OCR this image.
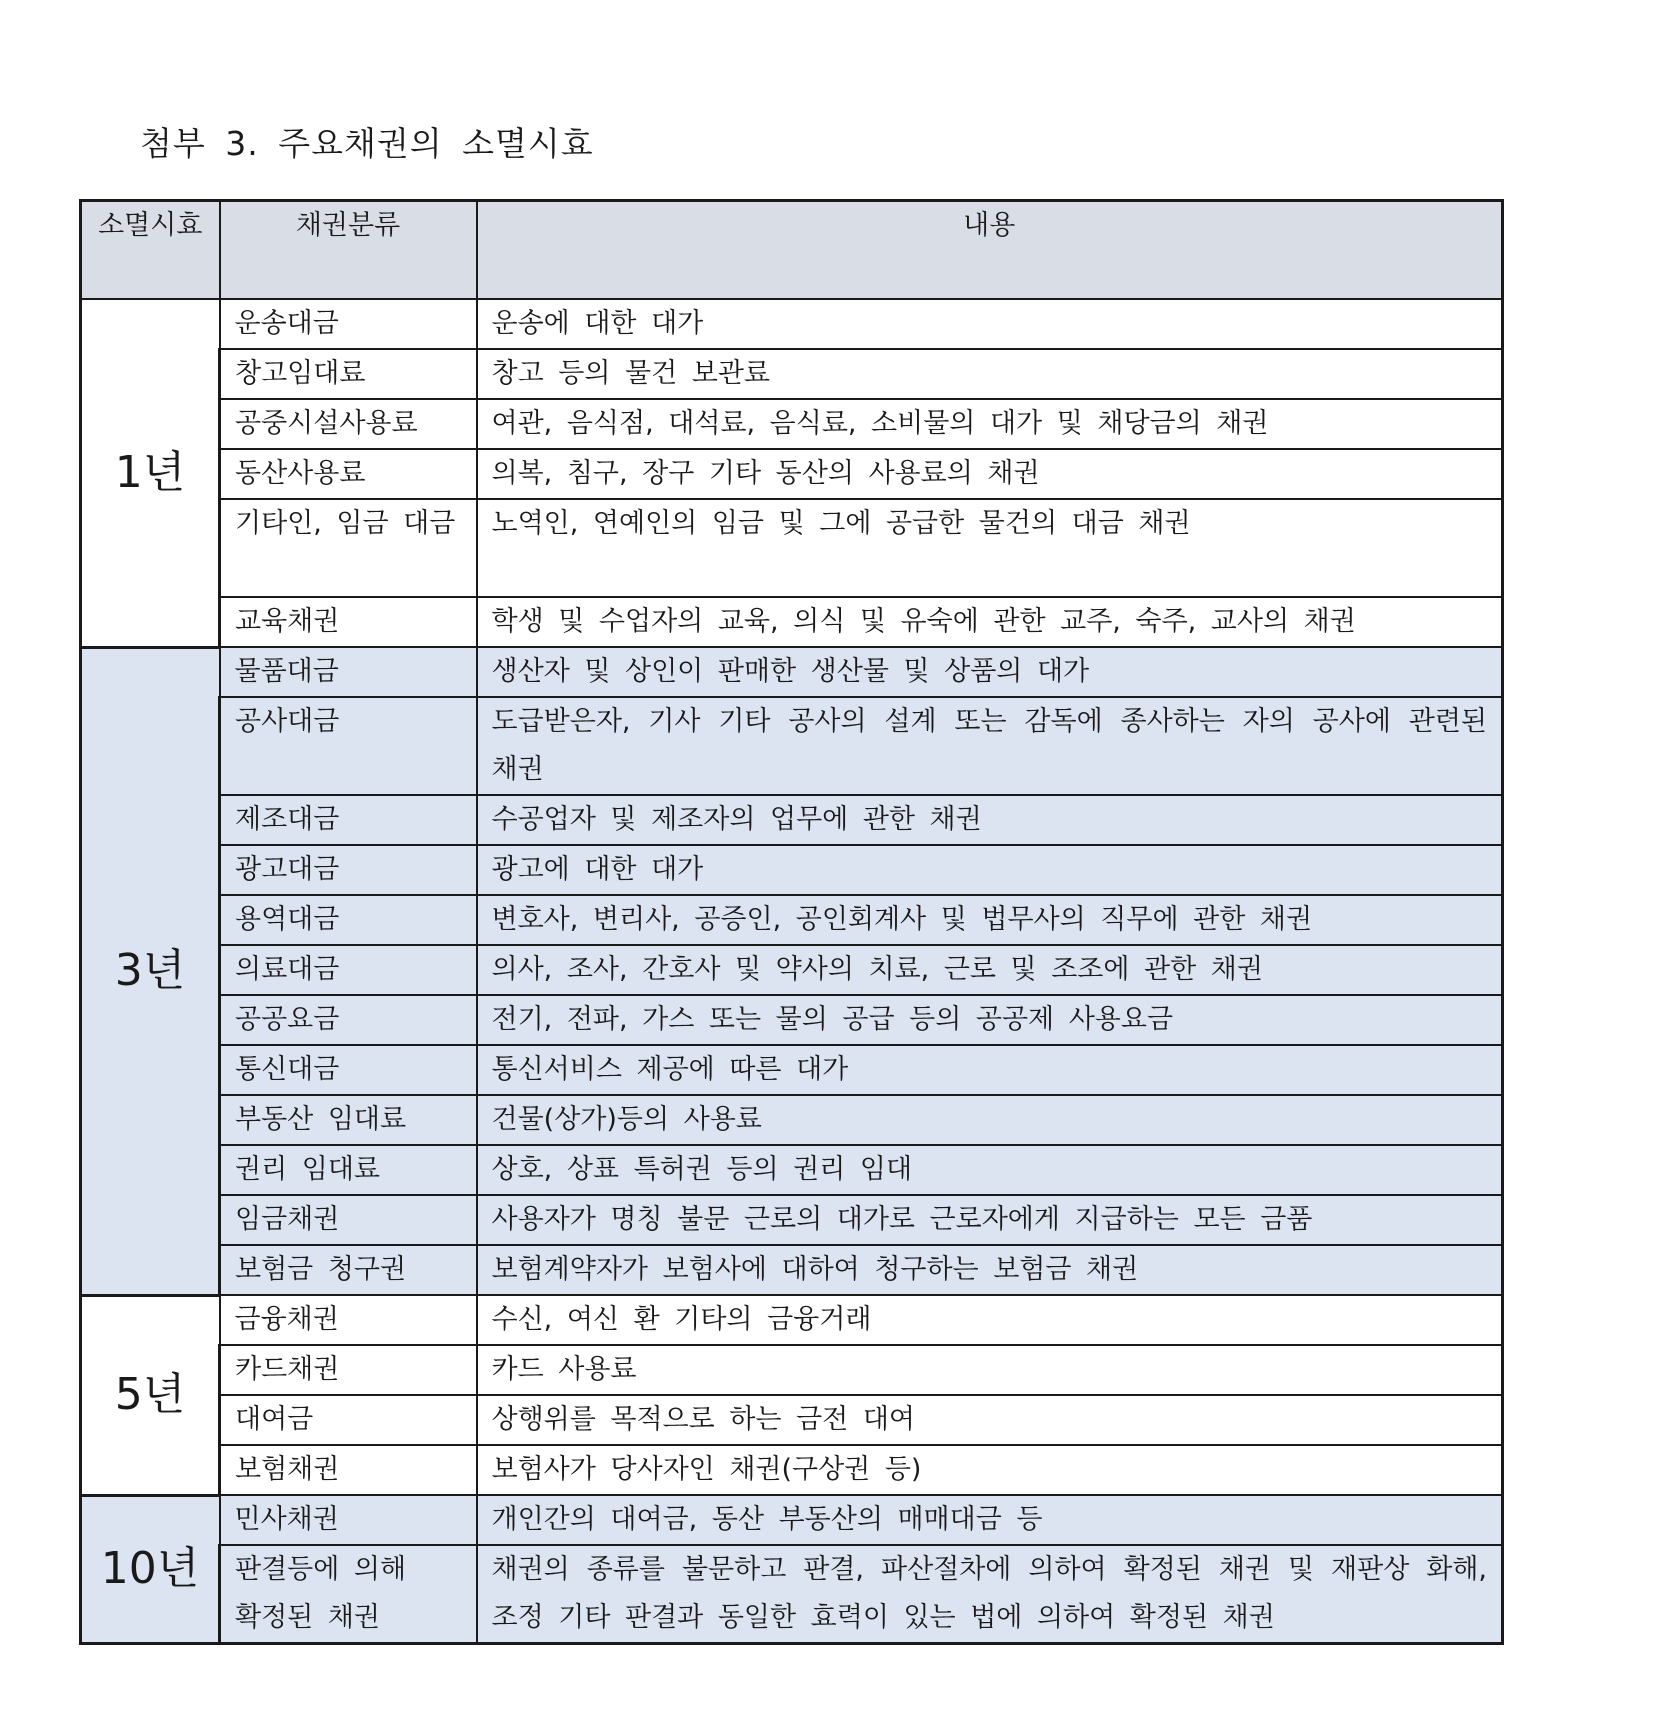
첨부 3. 주요채권의 소멸시효
소멸시효	채권분류	내용
1년	운송대금	운송에 대한 대가
	창고임대료	창고 등의 물건 보관료
	공중시설사용료	여관, 음식점, 대석료, 음식료, 소비물의 대가 및 채당금의 채권
	동산사용료	의복, 침구, 장구 기타 동산의 사용료의 채권
	기타인, 임금 대금	노역인, 연예인의 임금 및 그에 공급한 물건의 대금 채권
	교육채권	학생 및 수업자의 교육, 의식 및 유숙에 관한 교주, 숙주, 교사의 채권
3년	물품대금	생산자 및 상인이 판매한 생산물 및 상품의 대가
	공사대금	도급받은자, 기사 기타 공사의 설계 또는 감독에 종사하는 자의 공사에 관련된 채권
	제조대금	수공업자 및 제조자의 업무에 관한 채권
	광고대금	광고에 대한 대가
	용역대금	변호사, 변리사, 공증인, 공인회계사 및 법무사의 직무에 관한 채권
	의료대금	의사, 조사, 간호사 및 약사의 치료, 근로 및 조조에 관한 채권
	공공요금	전기, 전파, 가스 또는 물의 공급 등의 공공제 사용요금
	통신대금	통신서비스 제공에 따른 대가
	부동산 임대료	건물(상가)등의 사용료
	권리 임대료	상호, 상표 특허권 등의 권리 임대
	임금채권	사용자가 명칭 불문 근로의 대가로 근로자에게 지급하는 모든 금품
	보험금 청구권	보험계약자가 보험사에 대하여 청구하는 보험금 채권
5년	금융채권	수신, 여신 환 기타의 금융거래
	카드채권	카드 사용료
	대여금	상행위를 목적으로 하는 금전 대여
	보험채권	보험사가 당사자인 채권(구상권 등)
10년	민사채권	개인간의 대여금, 동산 부동산의 매매대금 등
	판결등에 의해 확정된 채권	채권의 종류를 불문하고 판결, 파산절차에 의하여 확정된 채권 및 재판상 화해, 조정 기타 판결과 동일한 효력이 있는 법에 의하여 확정된 채권
